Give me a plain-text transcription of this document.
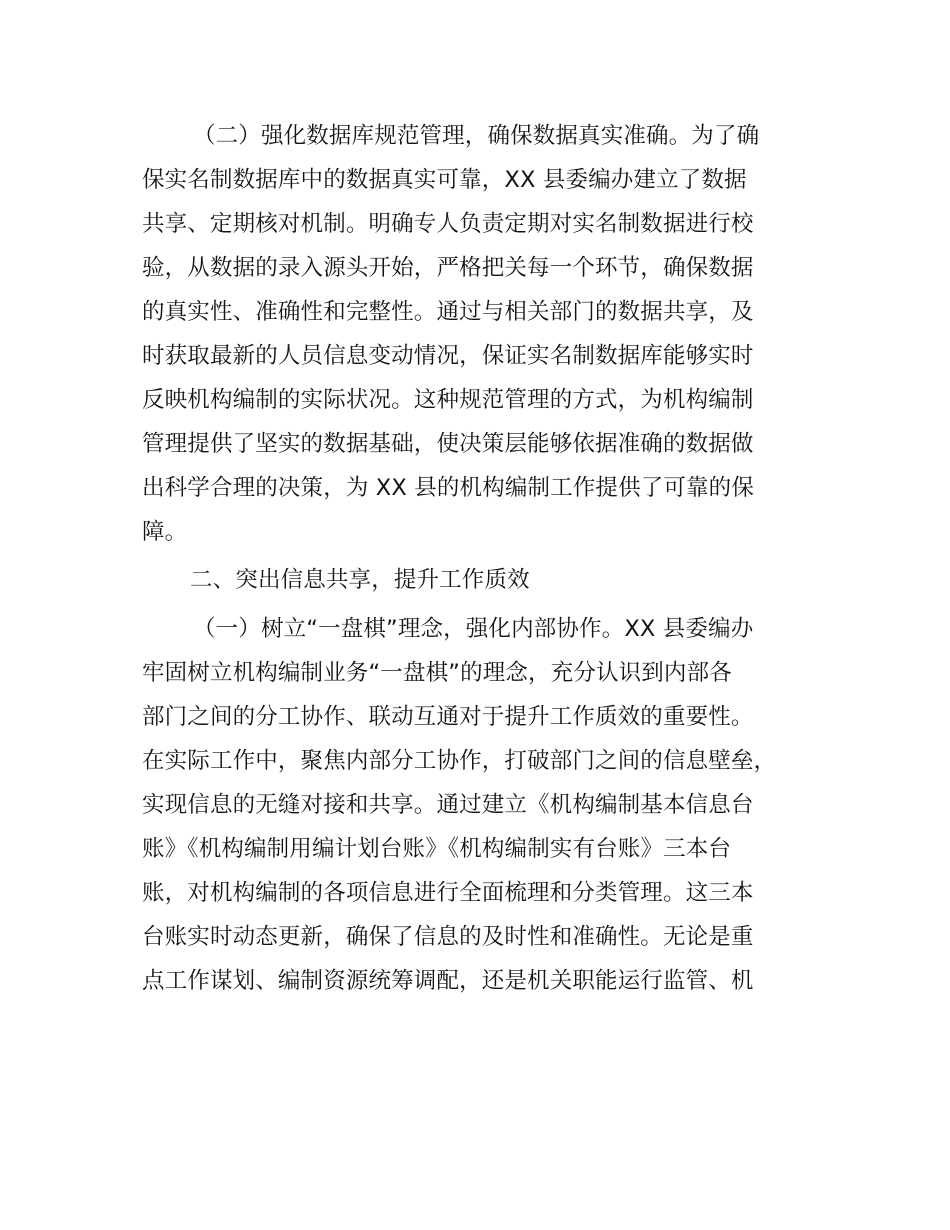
（二）强化数据库规范管理，确保数据真实准确。为了确
保实名制数据库中的数据真实可靠，XX 县委编办建立了数据
共享、定期核对机制。明确专人负责定期对实名制数据进行校
验，从数据的录入源头开始，严格把关每一个环节，确保数据
的真实性、准确性和完整性。通过与相关部门的数据共享，及
时获取最新的人员信息变动情况，保证实名制数据库能够实时
反映机构编制的实际状况。这种规范管理的方式，为机构编制
管理提供了坚实的数据基础，使决策层能够依据准确的数据做
出科学合理的决策，为 XX 县的机构编制工作提供了可靠的保
障。
二、突出信息共享，提升工作质效
（一）树立“一盘棋”理念，强化内部协作。XX 县委编办
牢固树立机构编制业务“一盘棋”的理念，充分认识到内部各
部门之间的分工协作、联动互通对于提升工作质效的重要性。
在实际工作中，聚焦内部分工协作，打破部门之间的信息壁垒，
实现信息的无缝对接和共享。通过建立《机构编制基本信息台
账》《机构编制用编计划台账》《机构编制实有台账》三本台
账，对机构编制的各项信息进行全面梳理和分类管理。这三本
台账实时动态更新，确保了信息的及时性和准确性。无论是重
点工作谋划、编制资源统筹调配，还是机关职能运行监管、机
